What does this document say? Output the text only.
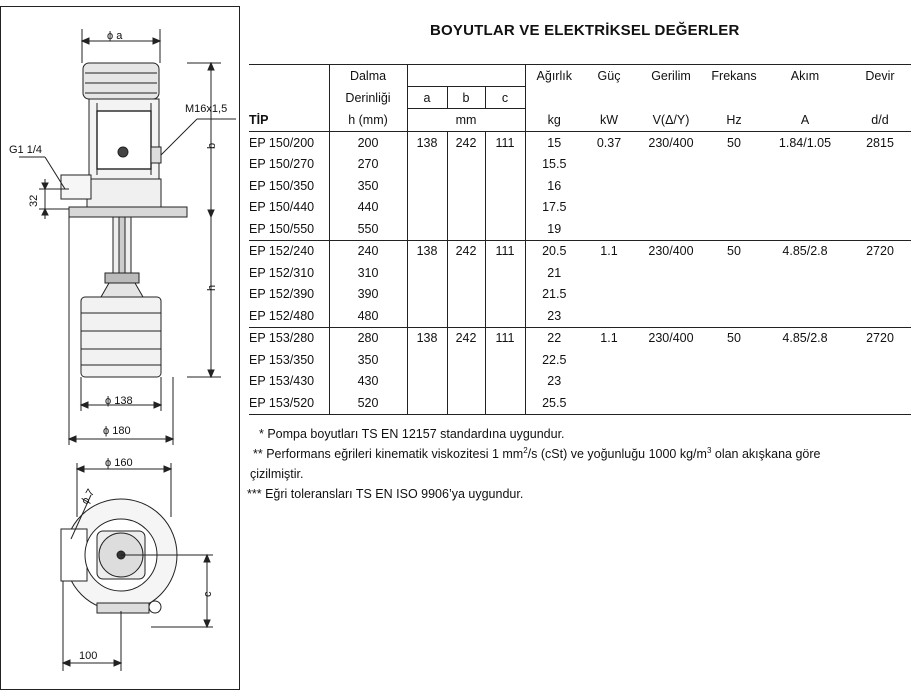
ϕ a
M16x1,5
G1 1/4	b
h
32
ϕ 138
ϕ 180
ϕ 160
ϕ 7
c
100
BOYUTLAR VE ELEKTRİKSEL DEĞERLER
	Dalma				Ağırlık	Güç	Gerilim	Frekans	Akım	Devir
	Derinliği	a	b	c						
TİP	h (mm)	mm			kg	kW	V(Δ/Y)	Hz	A	d/d
EP 150/200	200	138	242	111	15	0.37	230/400	50	1.84/1.05	2815
EP 150/270	270				15.5					
EP 150/350	350				16					
EP 150/440	440				17.5					
EP 150/550	550				19					
EP 152/240	240	138	242	111	20.5	1.1	230/400	50	4.85/2.8	2720
EP 152/310	310				21					
EP 152/390	390				21.5					
EP 152/480	480				23					
EP 153/280	280	138	242	111	22	1.1	230/400	50	4.85/2.8	2720
EP 153/350	350				22.5					
EP 153/430	430				23					
EP 153/520	520				25.5					
* Pompa boyutları TS EN 12157 standardına uygundur.
** Performans eğrileri kinematik viskozitesi 1 $mm^2/s$ (cSt) ve yoğunluğu 1000 $kg/m^3$ olan akışkana göre
çizilmiştir.
*** Eğri toleransları TS EN ISO 9906’ya uygundur.
